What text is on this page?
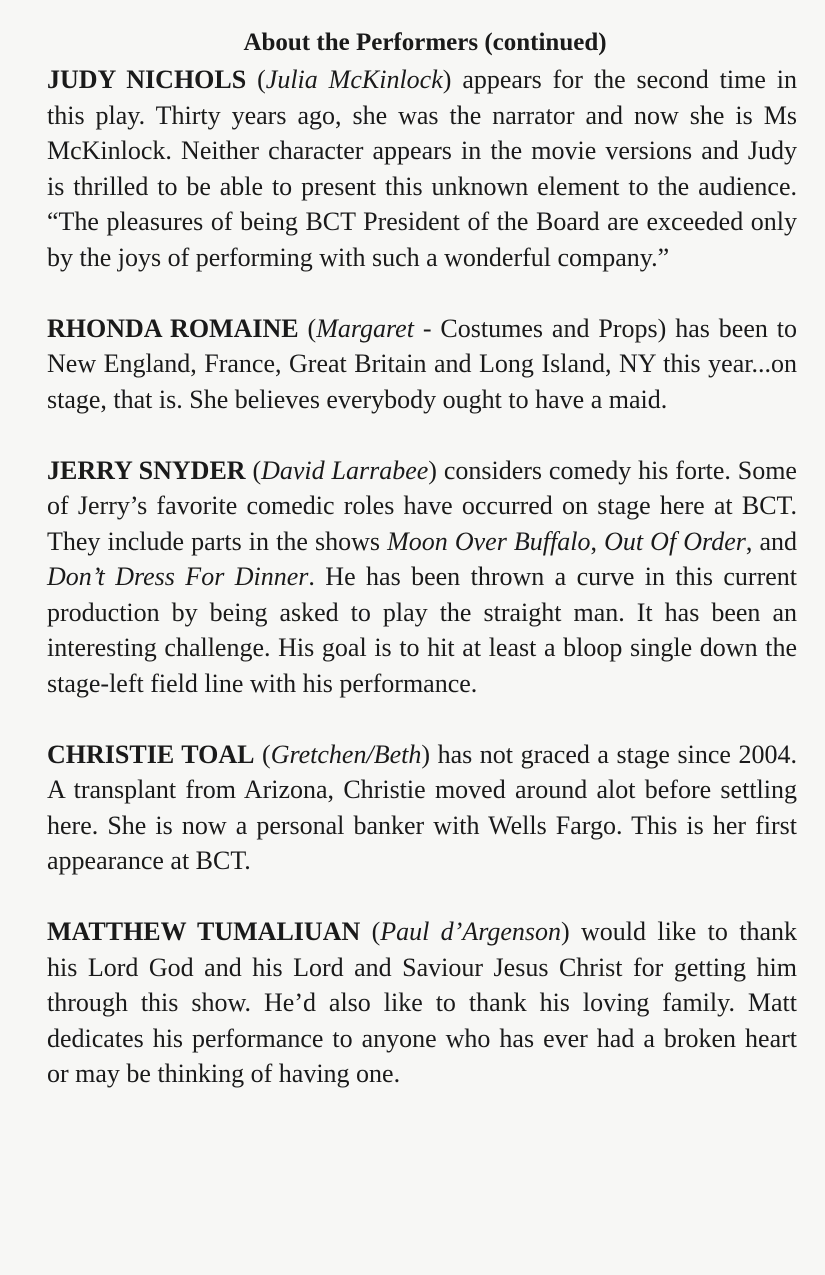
About the Performers (continued)

JUDY NICHOLS (Julia McKinlock) appears for the second time in this play. Thirty years ago, she was the narrator and now she is Ms McKinlock. Neither character appears in the movie versions and Judy is thrilled to be able to present this unknown element to the audience. “The pleasures of being BCT President of the Board are exceeded only by the joys of performing with such a wonderful company.”

RHONDA ROMAINE (Margaret - Costumes and Props) has been to New England, France, Great Britain and Long Island, NY this year...on stage, that is. She believes everybody ought to have a maid.

JERRY SNYDER (David Larrabee) considers comedy his forte. Some of Jerry’s favorite comedic roles have occurred on stage here at BCT. They include parts in the shows Moon Over Buffalo, Out Of Order, and Don’t Dress For Dinner. He has been thrown a curve in this current production by being asked to play the straight man. It has been an interesting challenge. His goal is to hit at least a bloop single down the stage-left field line with his performance.

CHRISTIE TOAL (Gretchen/Beth) has not graced a stage since 2004. A transplant from Arizona, Christie moved around alot before settling here. She is now a personal banker with Wells Fargo. This is her first appearance at BCT.

MATTHEW TUMALIUAN (Paul d’Argenson) would like to thank his Lord God and his Lord and Saviour Jesus Christ for getting him through this show. He’d also like to thank his loving family. Matt dedicates his performance to anyone who has ever had a broken heart or may be thinking of having one.
